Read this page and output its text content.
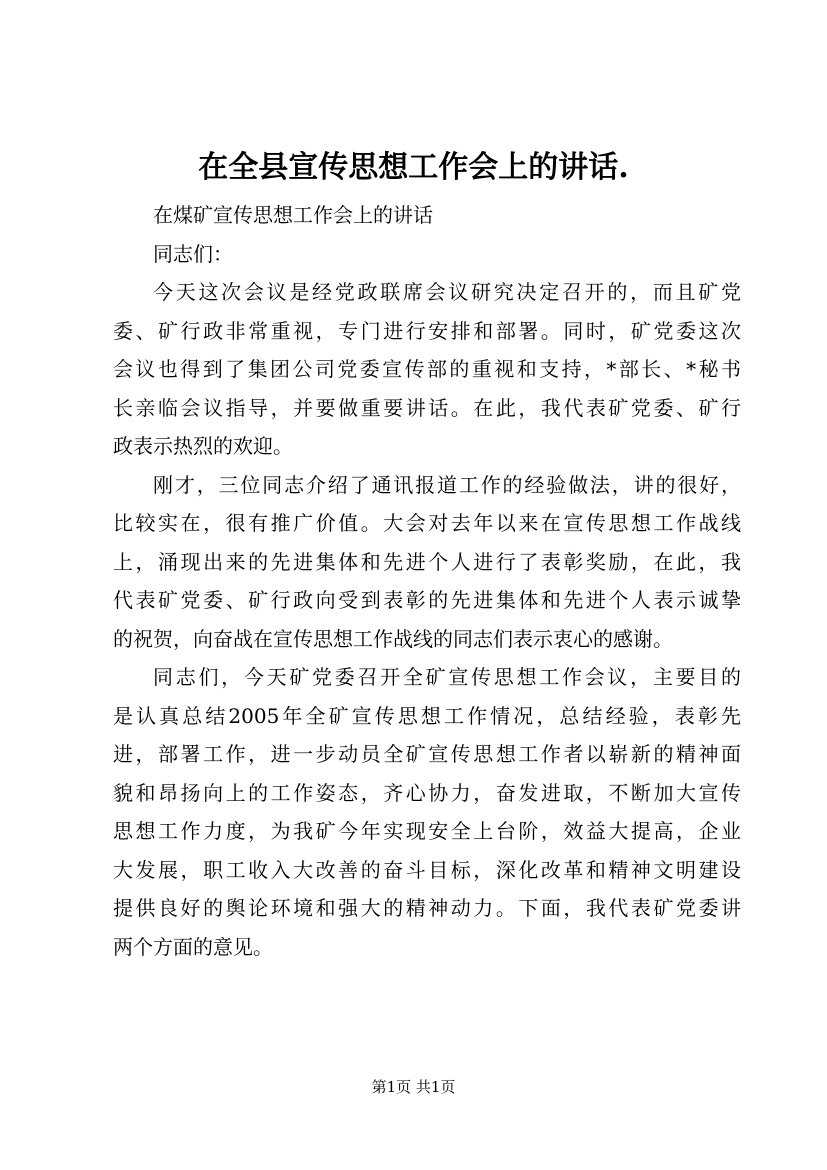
在全县宣传思想工作会上的讲话.
在煤矿宣传思想工作会上的讲话
同志们：
今天这次会议是经党政联席会议研究决定召开的，而且矿党
委、矿行政非常重视，专门进行安排和部署。同时，矿党委这次
会议也得到了集团公司党委宣传部的重视和支持，*部长、*秘书
长亲临会议指导，并要做重要讲话。在此，我代表矿党委、矿行
政表示热烈的欢迎。
刚才，三位同志介绍了通讯报道工作的经验做法，讲的很好，
比较实在，很有推广价值。大会对去年以来在宣传思想工作战线
上，涌现出来的先进集体和先进个人进行了表彰奖励，在此，我
代表矿党委、矿行政向受到表彰的先进集体和先进个人表示诚挚
的祝贺，向奋战在宣传思想工作战线的同志们表示衷心的感谢。
同志们，今天矿党委召开全矿宣传思想工作会议，主要目的
是认真总结2005年全矿宣传思想工作情况，总结经验，表彰先
进，部署工作，进一步动员全矿宣传思想工作者以崭新的精神面
貌和昂扬向上的工作姿态，齐心协力，奋发进取，不断加大宣传
思想工作力度，为我矿今年实现安全上台阶，效益大提高，企业
大发展，职工收入大改善的奋斗目标，深化改革和精神文明建设
提供良好的舆论环境和强大的精神动力。下面，我代表矿党委讲
两个方面的意见。
第1页 共1页
